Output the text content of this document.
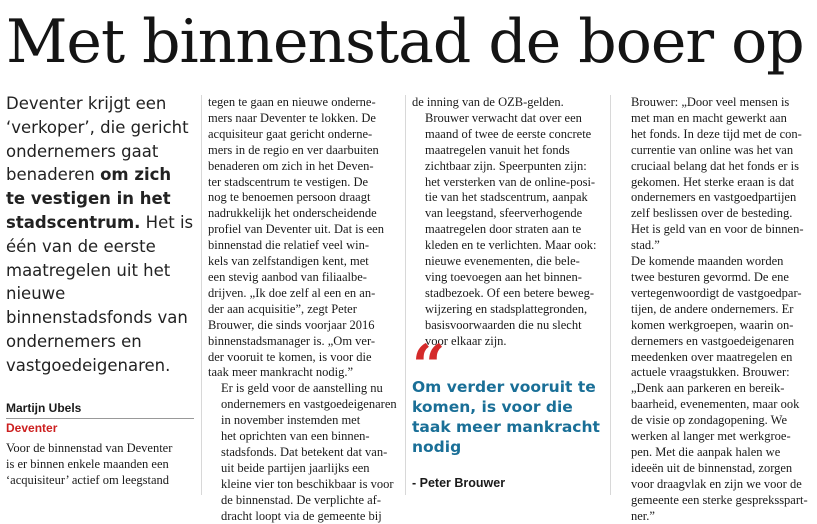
Met binnenstad de boer op
Deventer krijgt een ‘verkoper’, die gericht ondernemers gaat benaderen om zich te vestigen in het stadscentrum. Het is één van de eerste maatregelen uit het nieuwe binnenstadsfonds van ondernemers en vastgoedeigenaren.
Martijn Ubels
Deventer

Voor de binnenstad van Deventer
is er binnen enkele maanden een
‘acquisiteur’ actief om leegstand

tegen te gaan en nieuwe onderne-
mers naar Deventer te lokken. De
acquisiteur gaat gericht onderne-
mers in de regio en ver daarbuiten
benaderen om zich in het Deven-
ter stadscentrum te vestigen. De
nog te benoemen persoon draagt
nadrukkelijk het onderscheidende
profiel van Deventer uit. Dat is een
binnenstad die relatief veel win-
kels van zelfstandigen kent, met
een stevig aanbod van filiaalbe-
drijven. „Ik doe zelf al een en an-
der aan acquisitie”, zegt Peter
Brouwer, die sinds voorjaar 2016
binnenstadsmanager is. „Om ver-
der vooruit te komen, is voor die
taak meer mankracht nodig.”

Er is geld voor de aanstelling nu
ondernemers en vastgoedeigenaren
in november instemden met
het oprichten van een binnen-
stadsfonds. Dat betekent dat van-
uit beide partijen jaarlijks een
kleine vier ton beschikbaar is voor
de binnenstad. De verplichte af-
dracht loopt via de gemeente bij

de inning van de OZB-gelden.

Brouwer verwacht dat over een
maand of twee de eerste concrete
maatregelen vanuit het fonds
zichtbaar zijn. Speerpunten zijn:
het versterken van de online-posi-
tie van het stadscentrum, aanpak
van leegstand, sfeerverhogende
maatregelen door straten aan te
kleden en te verlichten. Maar ook:
nieuwe evenementen, die bele-
ving toevoegen aan het binnen-
stadbezoek. Of een betere beweg-
wijzering en stadsplattegronden,
basisvoorwaarden die nu slecht
voor elkaar zijn.

“
Om verder vooruit te komen, is voor die taak meer mankracht nodig
- Peter Brouwer

Brouwer: „Door veel mensen is
met man en macht gewerkt aan
het fonds. In deze tijd met de con-
currentie van online was het van
cruciaal belang dat het fonds er is
gekomen. Het sterke eraan is dat
ondernemers en vastgoedpartijen
zelf beslissen over de besteding.
Het is geld van en voor de binnen-
stad.”

De komende maanden worden
twee besturen gevormd. De ene
vertegenwoordigt de vastgoedpar-
tijen, de andere ondernemers. Er
komen werkgroepen, waarin on-
dernemers en vastgoedeigenaren
meedenken over maatregelen en
actuele vraagstukken. Brouwer:
„Denk aan parkeren en bereik-
baarheid, evenementen, maar ook
de visie op zondagopening. We
werken al langer met werkgroe-
pen. Met die aanpak halen we
ideeën uit de binnenstad, zorgen
voor draagvlak en zijn we voor de
gemeente een sterke gespreksspart-
ner.”
